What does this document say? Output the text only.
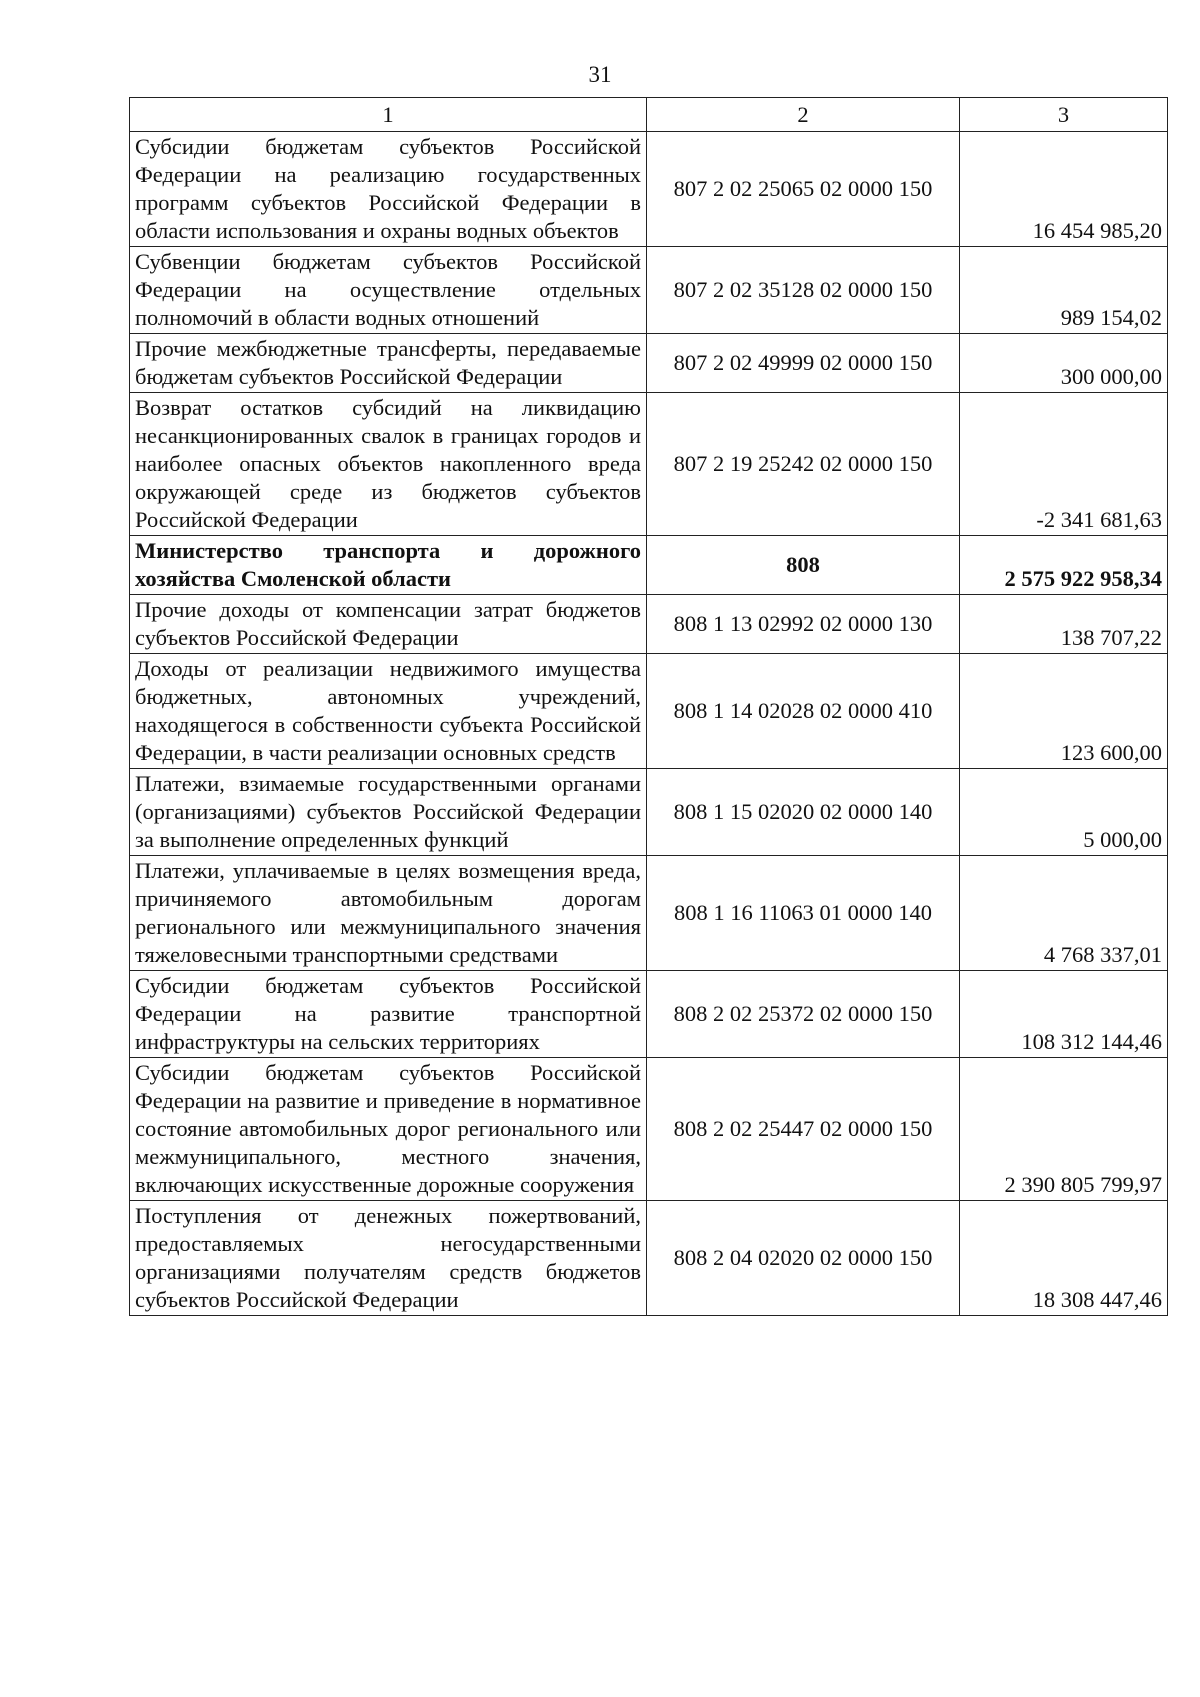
31
1	2	3
Субсидии бюджетам субъектов Российской Федерации на реализацию государственных программ субъектов Российской Федерации в области использования и охраны водных объектов	807 2 02 25065 02 0000 150	16 454 985,20
Субвенции бюджетам субъектов Российской Федерации на осуществление отдельных полномочий в области водных отношений	807 2 02 35128 02 0000 150	989 154,02
Прочие межбюджетные трансферты, передаваемые бюджетам субъектов Российской Федерации	807 2 02 49999 02 0000 150	300 000,00
Возврат остатков субсидий на ликвидацию несанкционированных свалок в границах городов и наиболее опасных объектов накопленного вреда окружающей среде из бюджетов субъектов Российской Федерации	807 2 19 25242 02 0000 150	-2 341 681,63
Министерство транспорта и дорожного хозяйства Смоленской области	808	2 575 922 958,34
Прочие доходы от компенсации затрат бюджетов субъектов Российской Федерации	808 1 13 02992 02 0000 130	138 707,22
Доходы от реализации недвижимого имущества бюджетных, автономных учреждений, находящегося в собственности субъекта Российской Федерации, в части реализации основных средств	808 1 14 02028 02 0000 410	123 600,00
Платежи, взимаемые государственными органами (организациями) субъектов Российской Федерации за выполнение определенных функций	808 1 15 02020 02 0000 140	5 000,00
Платежи, уплачиваемые в целях возмещения вреда, причиняемого автомобильным дорогам регионального или межмуниципального значения тяжеловесными транспортными средствами	808 1 16 11063 01 0000 140	4 768 337,01
Субсидии бюджетам субъектов Российской Федерации на развитие транспортной инфраструктуры на сельских территориях	808 2 02 25372 02 0000 150	108 312 144,46
Субсидии бюджетам субъектов Российской Федерации на развитие и приведение в нормативное состояние автомобильных дорог регионального или межмуниципального, местного значения, включающих искусственные дорожные сооружения	808 2 02 25447 02 0000 150	2 390 805 799,97
Поступления от денежных пожертвований, предоставляемых негосударственными организациями получателям средств бюджетов субъектов Российской Федерации	808 2 04 02020 02 0000 150	18 308 447,46
